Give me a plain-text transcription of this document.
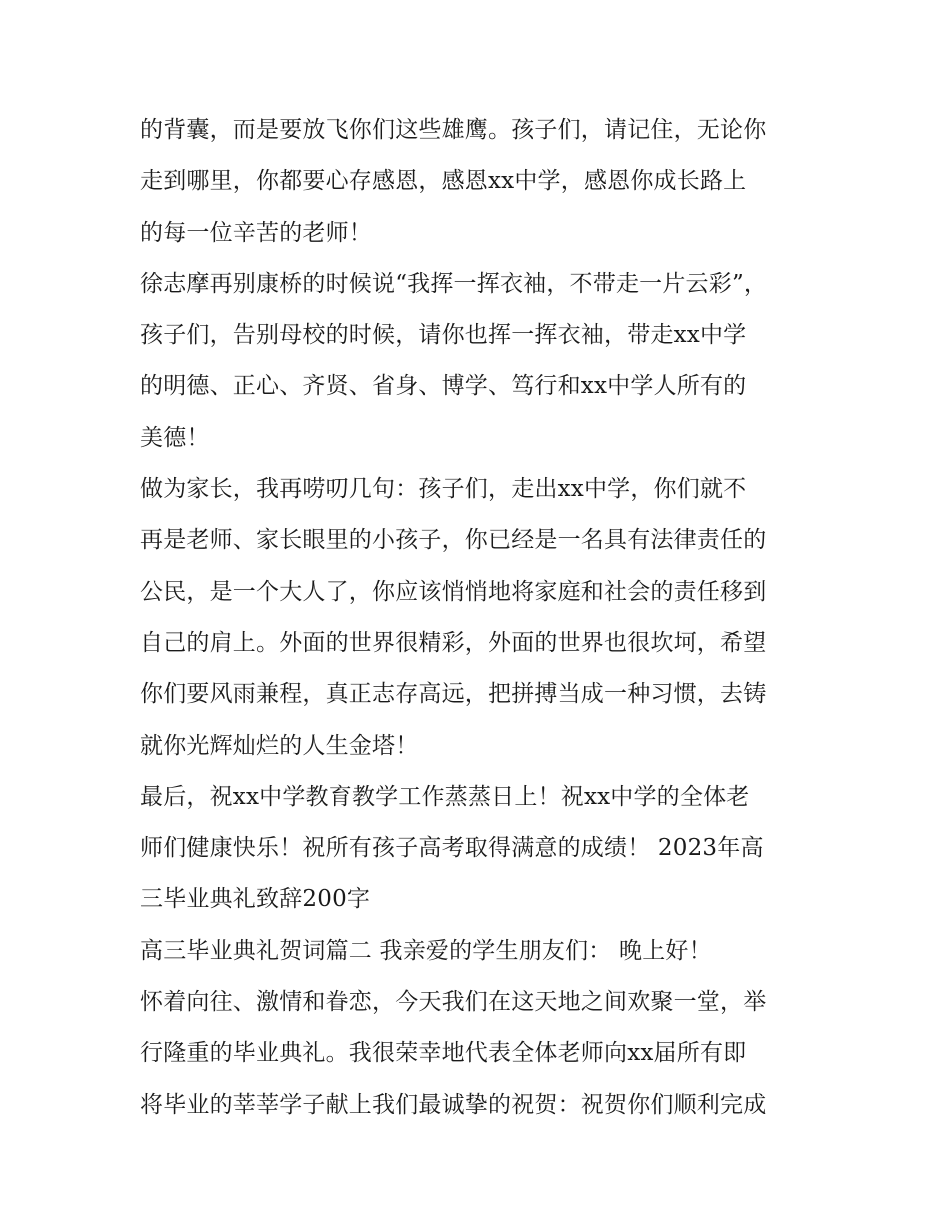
的背囊，而是要放飞你们这些雄鹰。孩子们，请记住，无论你
走到哪里，你都要心存感恩，感恩xx中学，感恩你成长路上
的每一位辛苦的老师！
徐志摩再别康桥的时候说“我挥一挥衣袖，不带走一片云彩”，
孩子们，告别母校的时候，请你也挥一挥衣袖，带走xx中学
的明德、正心、齐贤、省身、博学、笃行和xx中学人所有的
美德！
做为家长，我再唠叨几句：孩子们，走出xx中学，你们就不
再是老师、家长眼里的小孩子，你已经是一名具有法律责任的
公民，是一个大人了，你应该悄悄地将家庭和社会的责任移到
自己的肩上。外面的世界很精彩，外面的世界也很坎坷，希望
你们要风雨兼程，真正志存高远，把拼搏当成一种习惯，去铸
就你光辉灿烂的人生金塔！
最后，祝xx中学教育教学工作蒸蒸日上！祝xx中学的全体老
师们健康快乐！祝所有孩子高考取得满意的成绩！ 2023年高
三毕业典礼致辞200字
高三毕业典礼贺词篇二 我亲爱的学生朋友们： 晚上好！
怀着向往、激情和眷恋，今天我们在这天地之间欢聚一堂，举
行隆重的毕业典礼。我很荣幸地代表全体老师向xx届所有即
将毕业的莘莘学子献上我们最诚挚的祝贺：祝贺你们顺利完成
